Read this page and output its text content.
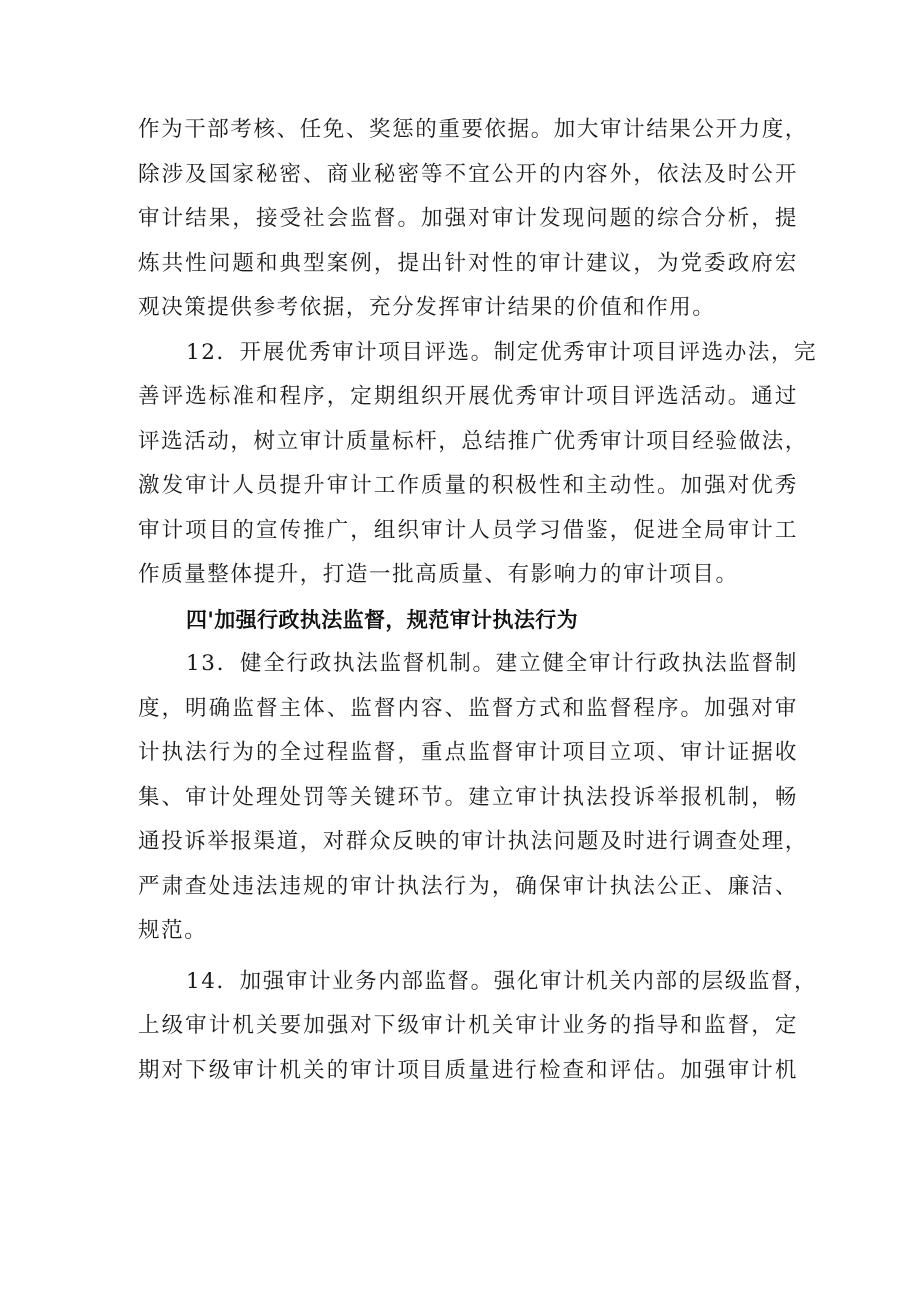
作为干部考核、任免、奖惩的重要依据。加大审计结果公开力度，
除涉及国家秘密、商业秘密等不宜公开的内容外，依法及时公开
审计结果，接受社会监督。加强对审计发现问题的综合分析，提
炼共性问题和典型案例，提出针对性的审计建议，为党委政府宏
观决策提供参考依据，充分发挥审计结果的价值和作用。
12．开展优秀审计项目评选。制定优秀审计项目评选办法，完
善评选标准和程序，定期组织开展优秀审计项目评选活动。通过
评选活动，树立审计质量标杆，总结推广优秀审计项目经验做法，
激发审计人员提升审计工作质量的积极性和主动性。加强对优秀
审计项目的宣传推广，组织审计人员学习借鉴，促进全局审计工
作质量整体提升，打造一批高质量、有影响力的审计项目。
四'加强行政执法监督，规范审计执法行为
13．健全行政执法监督机制。建立健全审计行政执法监督制
度，明确监督主体、监督内容、监督方式和监督程序。加强对审
计执法行为的全过程监督，重点监督审计项目立项、审计证据收
集、审计处理处罚等关键环节。建立审计执法投诉举报机制，畅
通投诉举报渠道，对群众反映的审计执法问题及时进行调查处理，
严肃查处违法违规的审计执法行为，确保审计执法公正、廉洁、
规范。
14．加强审计业务内部监督。强化审计机关内部的层级监督，
上级审计机关要加强对下级审计机关审计业务的指导和监督，定
期对下级审计机关的审计项目质量进行检查和评估。加强审计机
